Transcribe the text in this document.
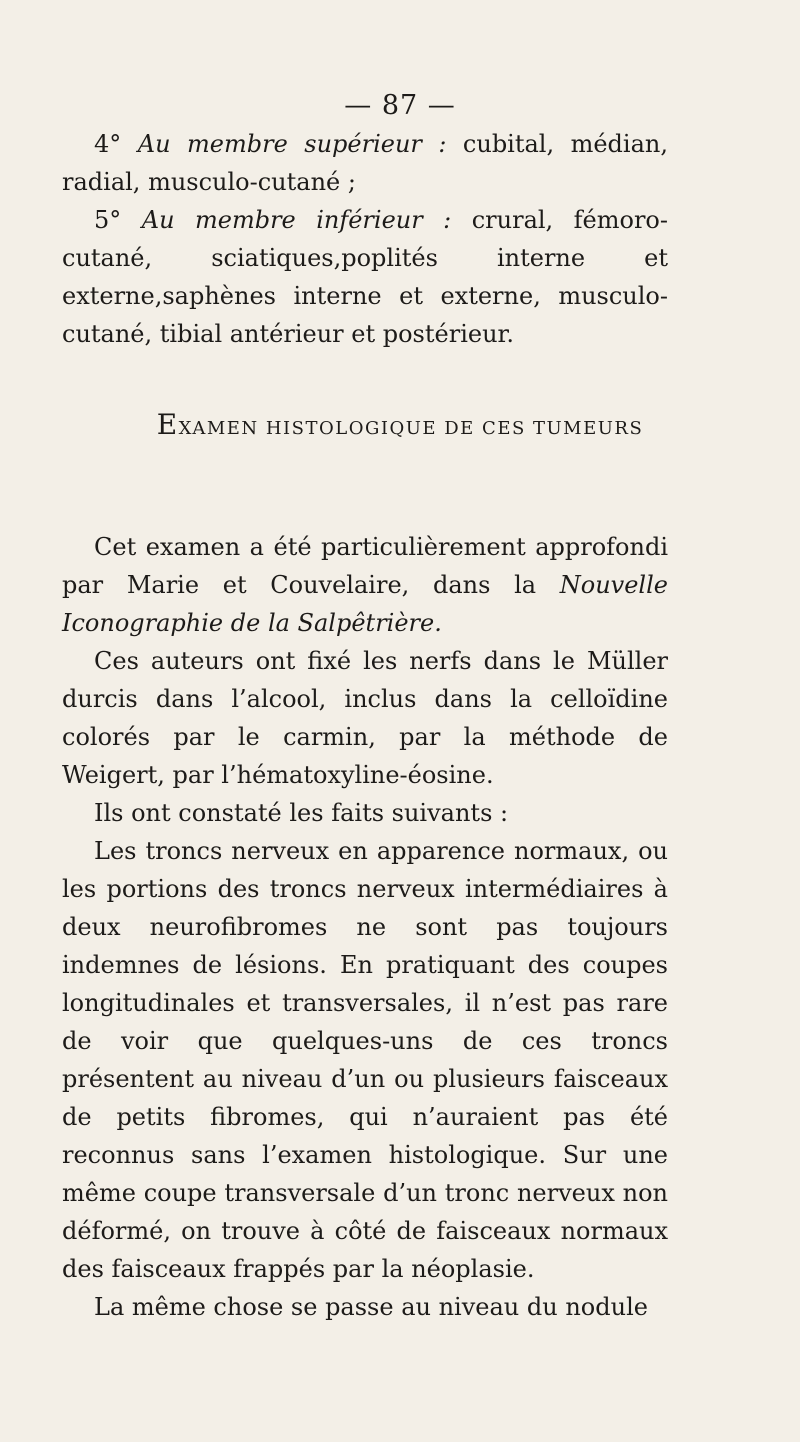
— 87 —

4° Au membre supérieur : cubital, médian, radial, musculo-cutané ;

5° Au membre inférieur : crural, fémoro-cutané, sciatiques,poplités interne et externe,saphènes interne et externe, musculo-cutané, tibial antérieur et postérieur.

EXAMEN HISTOLOGIQUE DE CES TUMEURS

Cet examen a été particulièrement approfondi par Marie et Couvelaire, dans la Nouvelle Iconographie de la Salpêtrière.

Ces auteurs ont fixé les nerfs dans le Müller durcis dans l’alcool, inclus dans la celloïdine colorés par le carmin, par la méthode de Weigert, par l’hématoxyline-éosine.

Ils ont constaté les faits suivants :

Les troncs nerveux en apparence normaux, ou les portions des troncs nerveux intermédiaires à deux neurofibromes ne sont pas toujours indemnes de lésions. En pratiquant des coupes longitudinales et transversales, il n’est pas rare de voir que quelques-uns de ces troncs présentent au niveau d’un ou plusieurs faisceaux de petits fibromes, qui n’auraient pas été reconnus sans l’examen histologique. Sur une même coupe transversale d’un tronc nerveux non déformé, on trouve à côté de faisceaux normaux des faisceaux frappés par la néoplasie.

La même chose se passe au niveau du nodule
